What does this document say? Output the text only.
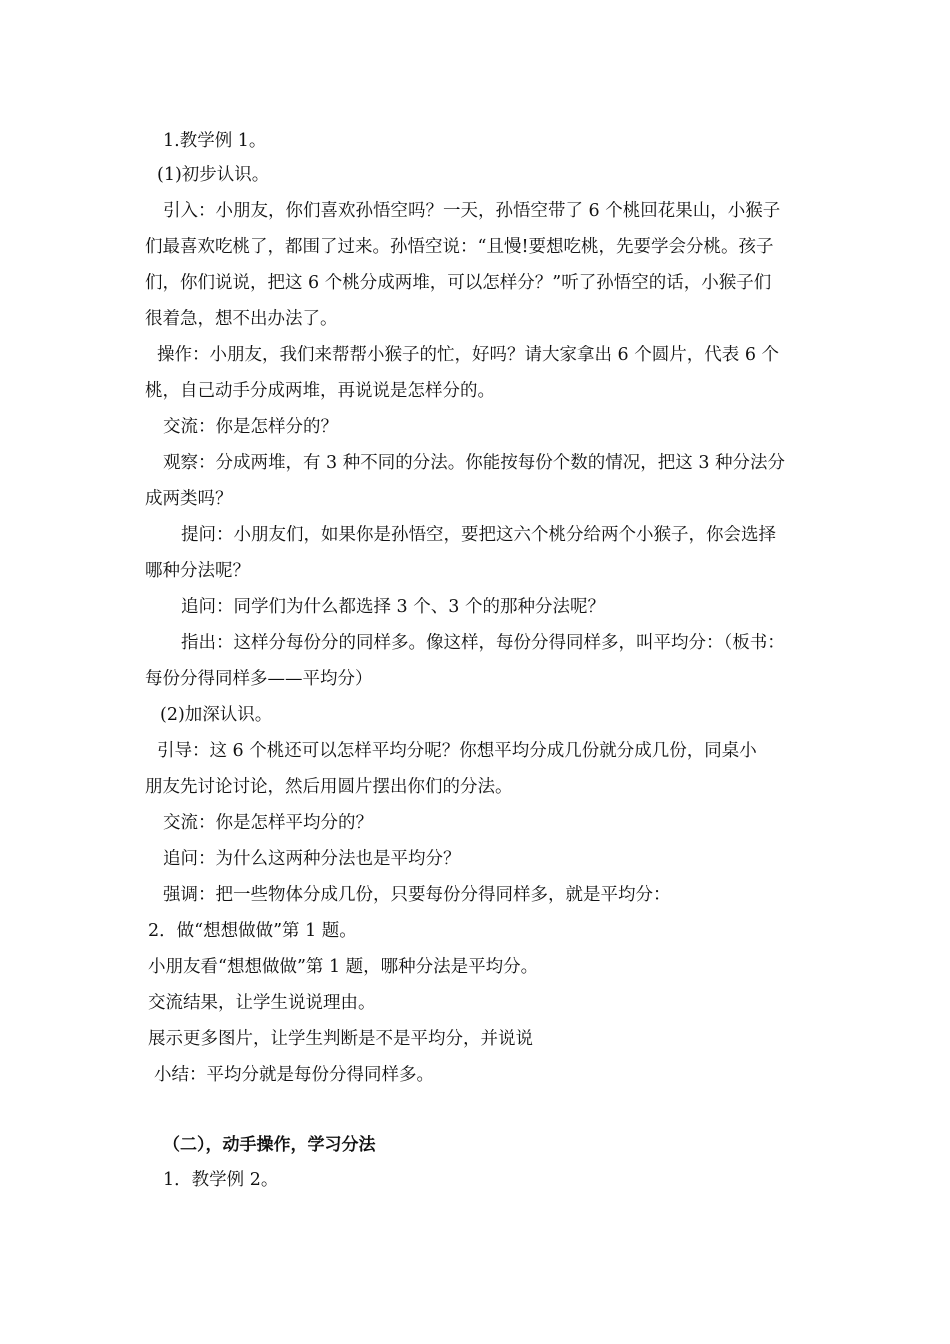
1.教学例 1。
(1)初步认识。
引入：小朋友，你们喜欢孙悟空吗？一天，孙悟空带了 6 个桃回花果山，小猴子
们最喜欢吃桃了，都围了过来。孙悟空说：“且慢!要想吃桃，先要学会分桃。孩子
们，你们说说，把这 6 个桃分成两堆，可以怎样分？”听了孙悟空的话，小猴子们
很着急，想不出办法了。
操作：小朋友，我们来帮帮小猴子的忙，好吗？请大家拿出 6 个圆片，代表 6 个
桃，自己动手分成两堆，再说说是怎样分的。
交流：你是怎样分的？
观察：分成两堆，有 3 种不同的分法。你能按每份个数的情况，把这 3 种分法分
成两类吗？
提问：小朋友们，如果你是孙悟空，要把这六个桃分给两个小猴子，你会选择
哪种分法呢？
追问：同学们为什么都选择 3 个、3 个的那种分法呢？
指出：这样分每份分的同样多。像这样，每份分得同样多，叫平均分：（板书：
每份分得同样多——平均分）
(2)加深认识。
引导：这 6 个桃还可以怎样平均分呢？你想平均分成几份就分成几份，同桌小
朋友先讨论讨论，然后用圆片摆出你们的分法。
交流：你是怎样平均分的？
追问：为什么这两种分法也是平均分？
强调：把一些物体分成几份，只要每份分得同样多，就是平均分：
2．做“想想做做”第 1 题。
小朋友看“想想做做”第 1 题，哪种分法是平均分。
交流结果，让学生说说理由。
展示更多图片，让学生判断是不是平均分，并说说
小结：平均分就是每份分得同样多。
（二），动手操作，学习分法
1．教学例 2。
